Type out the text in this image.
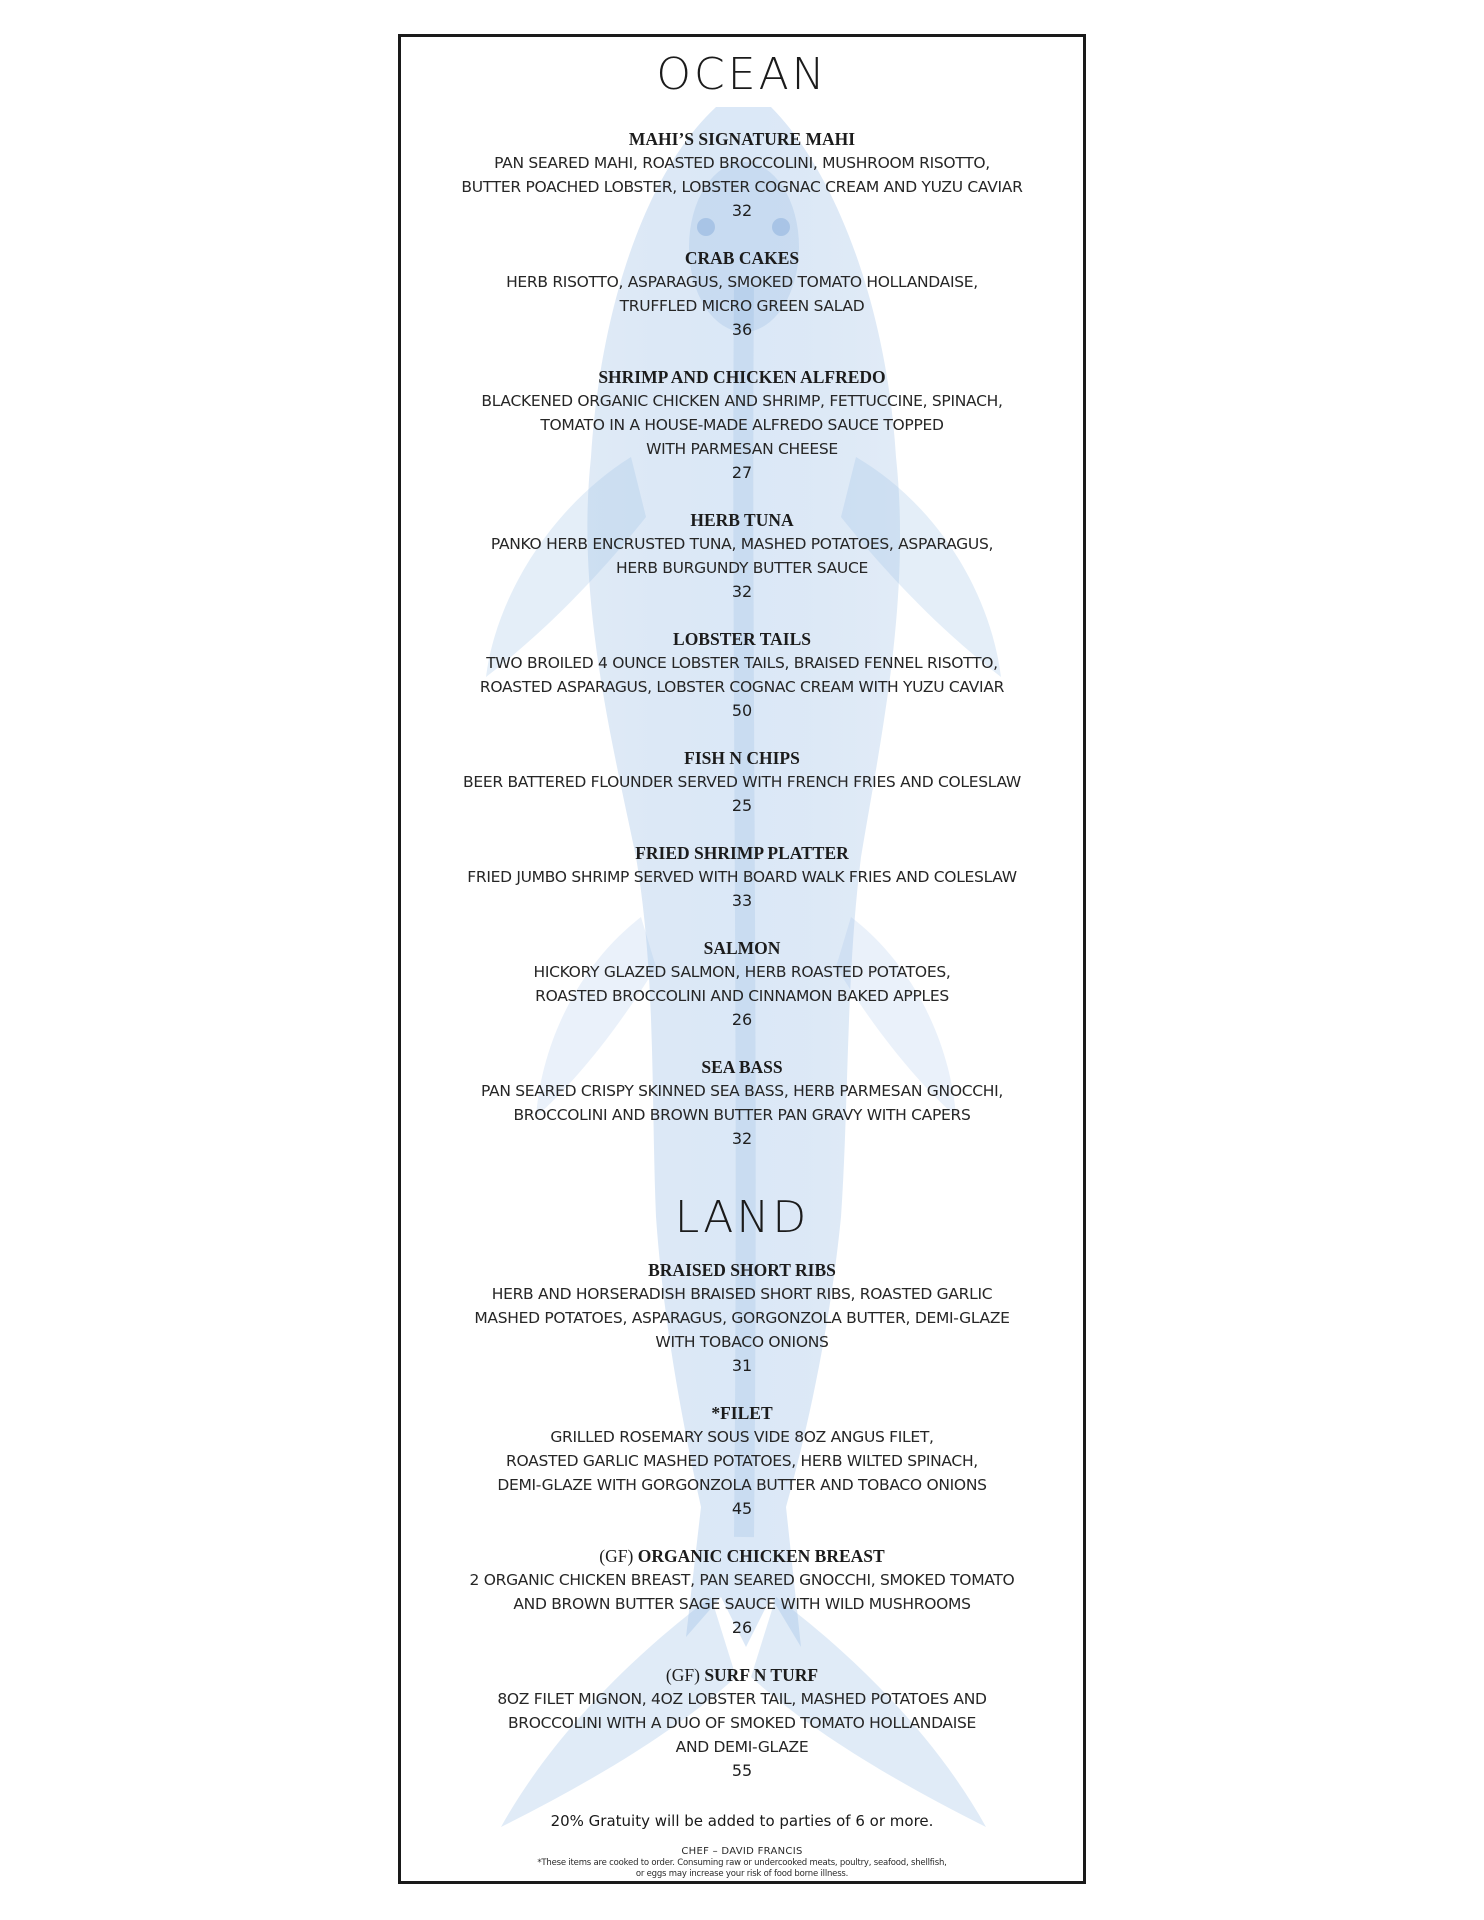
OCEAN
MAHI’S SIGNATURE MAHI
PAN SEARED MAHI, ROASTED BROCCOLINI, MUSHROOM RISOTTO,
BUTTER POACHED LOBSTER, LOBSTER COGNAC CREAM AND YUZU CAVIAR
32
CRAB CAKES
HERB RISOTTO, ASPARAGUS, SMOKED TOMATO HOLLANDAISE,
TRUFFLED MICRO GREEN SALAD
36
SHRIMP AND CHICKEN ALFREDO
BLACKENED ORGANIC CHICKEN AND SHRIMP, FETTUCCINE, SPINACH,
TOMATO IN A HOUSE-MADE ALFREDO SAUCE TOPPED
WITH PARMESAN CHEESE
27
HERB TUNA
PANKO HERB ENCRUSTED TUNA, MASHED POTATOES, ASPARAGUS,
HERB BURGUNDY BUTTER SAUCE
32
LOBSTER TAILS
TWO BROILED 4 OUNCE LOBSTER TAILS, BRAISED FENNEL RISOTTO,
ROASTED ASPARAGUS, LOBSTER COGNAC CREAM WITH YUZU CAVIAR
50
FISH N CHIPS
BEER BATTERED FLOUNDER SERVED WITH FRENCH FRIES AND COLESLAW
25
FRIED SHRIMP PLATTER
FRIED JUMBO SHRIMP SERVED WITH BOARD WALK FRIES AND COLESLAW
33
SALMON
HICKORY GLAZED SALMON, HERB ROASTED POTATOES,
ROASTED BROCCOLINI AND CINNAMON BAKED APPLES
26
SEA BASS
PAN SEARED CRISPY SKINNED SEA BASS, HERB PARMESAN GNOCCHI,
BROCCOLINI AND BROWN BUTTER PAN GRAVY WITH CAPERS
32
LAND
BRAISED SHORT RIBS
HERB AND HORSERADISH BRAISED SHORT RIBS, ROASTED GARLIC
MASHED POTATOES, ASPARAGUS, GORGONZOLA BUTTER, DEMI-GLAZE
WITH TOBACO ONIONS
31
*FILET
GRILLED ROSEMARY SOUS VIDE 8OZ ANGUS FILET,
ROASTED GARLIC MASHED POTATOES, HERB WILTED SPINACH,
DEMI-GLAZE WITH GORGONZOLA BUTTER AND TOBACO ONIONS
45
(GF) ORGANIC CHICKEN BREAST
2 ORGANIC CHICKEN BREAST, PAN SEARED GNOCCHI, SMOKED TOMATO
AND BROWN BUTTER SAGE SAUCE WITH WILD MUSHROOMS
26
(GF) SURF N TURF
8OZ FILET MIGNON, 4OZ LOBSTER TAIL, MASHED POTATOES AND
BROCCOLINI WITH A DUO OF SMOKED TOMATO HOLLANDAISE
AND DEMI-GLAZE
55
20% Gratuity will be added to parties of 6 or more.
CHEF – DAVID FRANCIS
*These items are cooked to order. Consuming raw or undercooked meats, poultry, seafood, shellfish,
or eggs may increase your risk of food borne illness.
